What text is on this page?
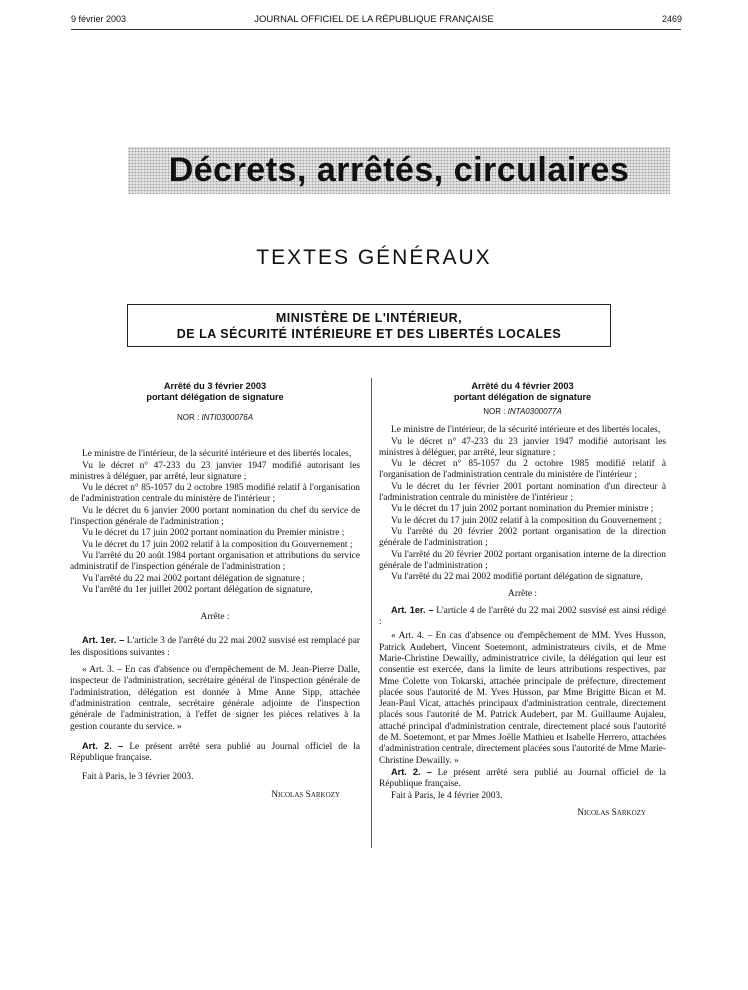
9 février 2003	JOURNAL OFFICIEL DE LA RÉPUBLIQUE FRANÇAISE	2469
Décrets, arrêtés, circulaires
TEXTES GÉNÉRAUX
MINISTÈRE DE L'INTÉRIEUR,
DE LA SÉCURITÉ INTÉRIEURE ET DES LIBERTÉS LOCALES
Arrêté du 3 février 2003
portant délégation de signature
NOR : INTI0300076A

Le ministre de l'intérieur, de la sécurité intérieure et des libertés locales,

Vu le décret n° 47-233 du 23 janvier 1947 modifié autorisant les ministres à déléguer, par arrêté, leur signature ;

Vu le décret n° 85-1057 du 2 octobre 1985 modifié relatif à l'organisation de l'administration centrale du ministère de l'intérieur ;

Vu le décret du 6 janvier 2000 portant nomination du chef du service de l'inspection générale de l'administration ;

Vu le décret du 17 juin 2002 portant nomination du Premier ministre ;

Vu le décret du 17 juin 2002 relatif à la composition du Gouvernement ;

Vu l'arrêté du 20 août 1984 portant organisation et attributions du service administratif de l'inspection générale de l'administration ;

Vu l'arrêté du 22 mai 2002 portant délégation de signature ;

Vu l'arrêté du 1er juillet 2002 portant délégation de signature,

Arrête :

Art. 1er. – L'article 3 de l'arrêté du 22 mai 2002 susvisé est remplacé par les dispositions suivantes :

« Art. 3. – En cas d'absence ou d'empêchement de M. Jean-Pierre Dalle, inspecteur de l'administration, secrétaire général de l'inspection générale de l'administration, délégation est donnée à Mme Anne Sipp, attachée d'administration centrale, secrétaire générale adjointe de l'inspection générale de l'administration, à l'effet de signer les pièces relatives à la gestion courante du service. »

Art. 2. – Le présent arrêté sera publié au Journal officiel de la République française.

Fait à Paris, le 3 février 2003.

Nicolas Sarkozy

Arrêté du 4 février 2003
portant délégation de signature
NOR : INTA0300077A

Le ministre de l'intérieur, de la sécurité intérieure et des libertés locales,

Vu le décret n° 47-233 du 23 janvier 1947 modifié autorisant les ministres à déléguer, par arrêté, leur signature ;

Vu le décret n° 85-1057 du 2 octobre 1985 modifié relatif à l'organisation de l'administration centrale du ministère de l'intérieur ;

Vu le décret du 1er février 2001 portant nomination d'un directeur à l'administration centrale du ministère de l'intérieur ;

Vu le décret du 17 juin 2002 portant nomination du Premier ministre ;

Vu le décret du 17 juin 2002 relatif à la composition du Gouvernement ;

Vu l'arrêté du 20 février 2002 portant organisation de la direction générale de l'administration ;

Vu l'arrêté du 20 février 2002 portant organisation interne de la direction générale de l'administration ;

Vu l'arrêté du 22 mai 2002 modifié portant délégation de signature,

Arrête :

Art. 1er. – L'article 4 de l'arrêté du 22 mai 2002 susvisé est ainsi rédigé :

« Art. 4. – En cas d'absence ou d'empêchement de MM. Yves Husson, Patrick Audebert, Vincent Soetemont, administrateurs civils, et de Mme Marie-Christine Dewailly, administratrice civile, la délégation qui leur est consentie est exercée, dans la limite de leurs attributions respectives, par Mme Colette von Tokarski, attachée principale de préfecture, directement placée sous l'autorité de M. Yves Husson, par Mme Brigitte Bican et M. Jean-Paul Vicat, attachés principaux d'administration centrale, directement placés sous l'autorité de M. Patrick Audebert, par M. Guillaume Aujaleu, attaché principal d'administration centrale, directement placé sous l'autorité de M. Soetemont, et par Mmes Joëlle Mathieu et Isabelle Herrero, attachées d'administration centrale, directement placées sous l'autorité de Mme Marie-Christine Dewailly. »

Art. 2. – Le présent arrêté sera publié au Journal officiel de la République française.

Fait à Paris, le 4 février 2003.

Nicolas Sarkozy
